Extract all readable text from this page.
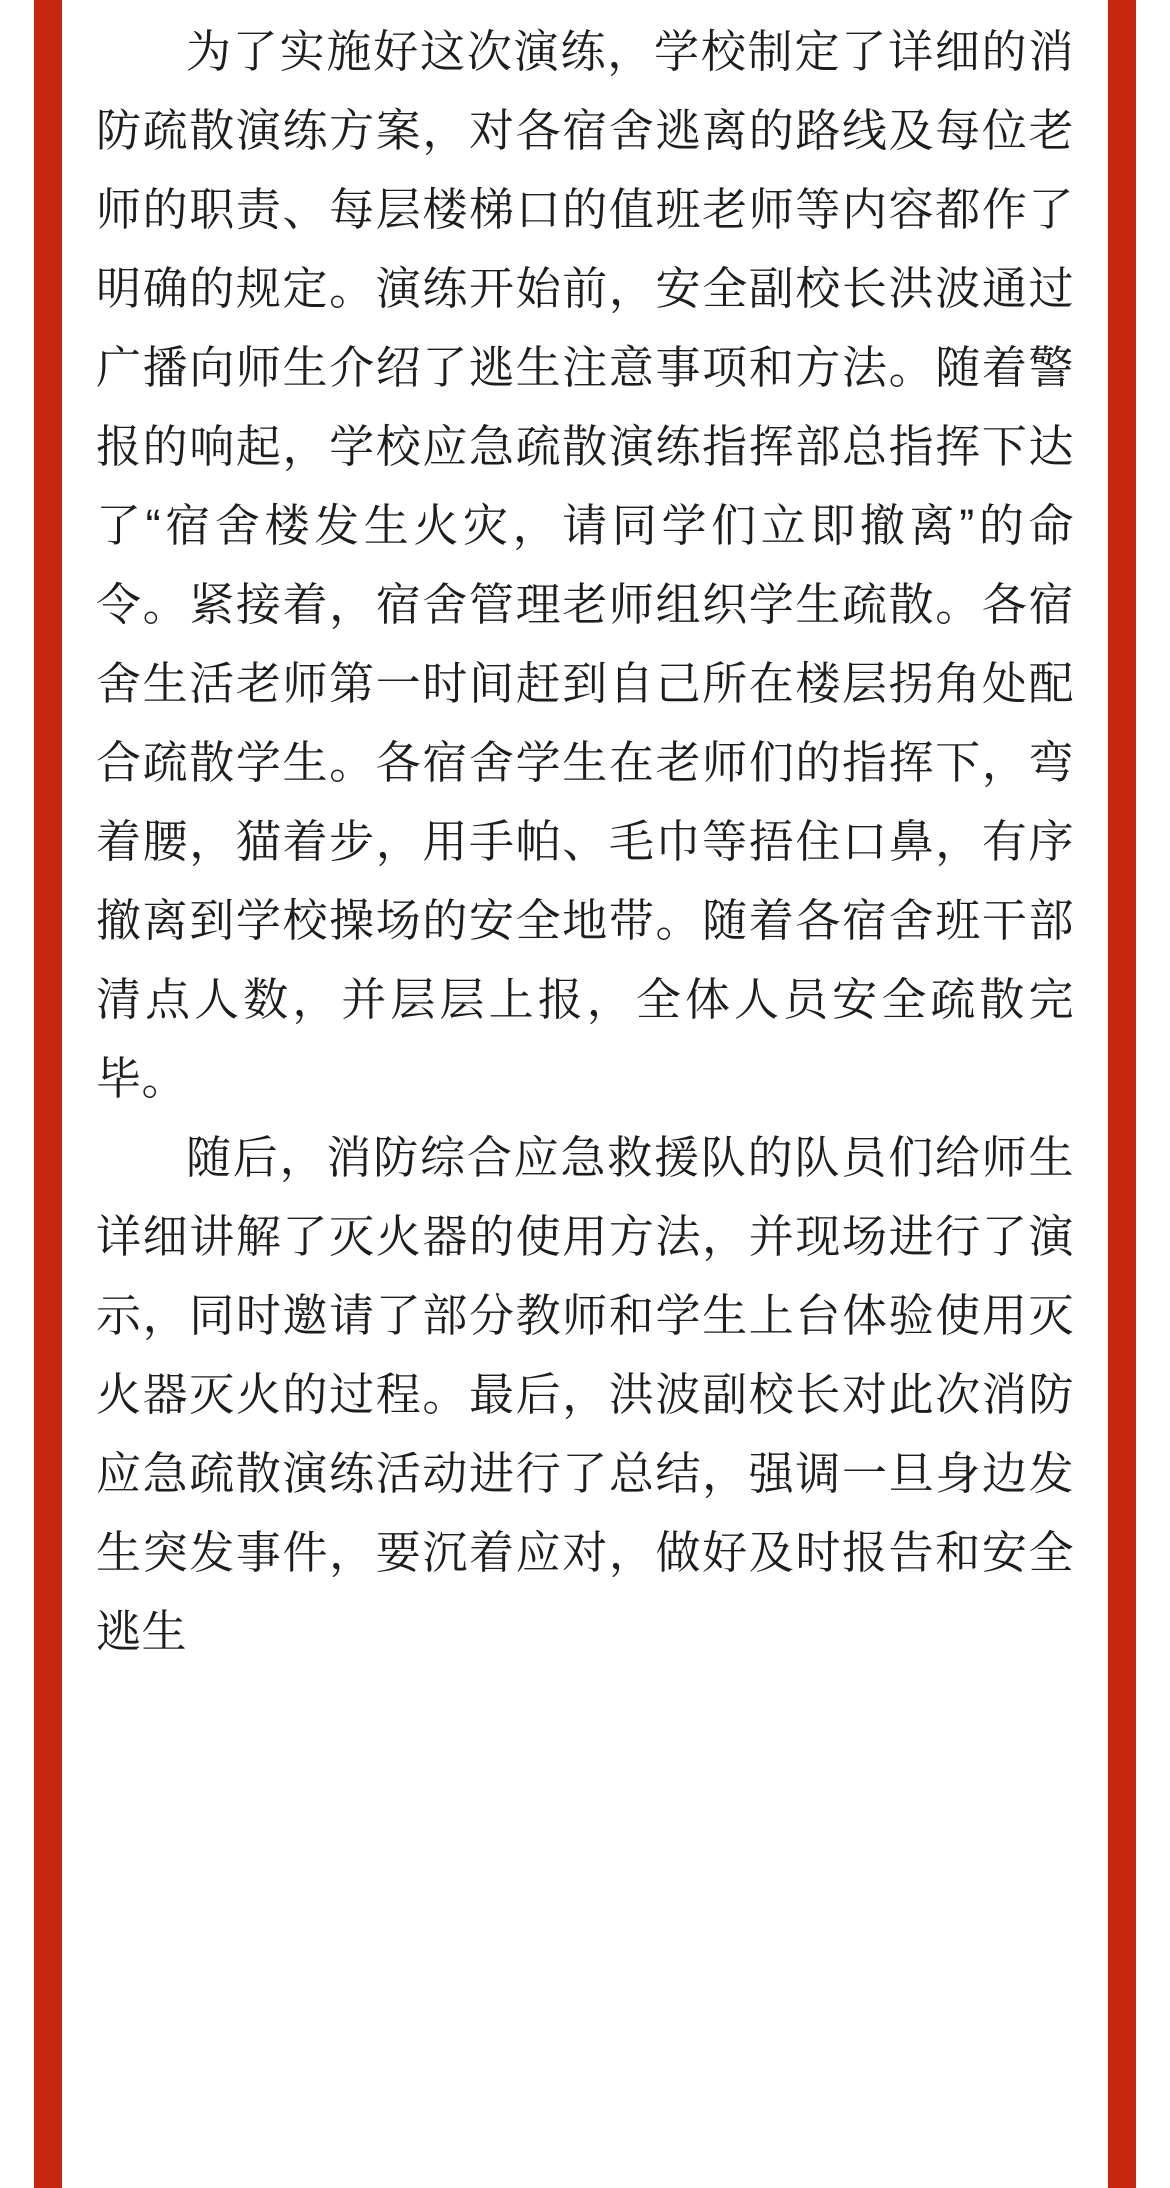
为了实施好这次演练，学校制定了详细的消防疏散演练方案，对各宿舍逃离的路线及每位老师的职责、每层楼梯口的值班老师等内容都作了明确的规定。演练开始前，安全副校长洪波通过广播向师生介绍了逃生注意事项和方法。随着警报的响起，学校应急疏散演练指挥部总指挥下达了“宿舍楼发生火灾，请同学们立即撤离”的命令。紧接着，宿舍管理老师组织学生疏散。各宿舍生活老师第一时间赶到自己所在楼层拐角处配合疏散学生。各宿舍学生在老师们的指挥下，弯着腰，猫着步，用手帕、毛巾等捂住口鼻，有序撤离到学校操场的安全地带。随着各宿舍班干部清点人数，并层层上报，全体人员安全疏散完毕。

随后，消防综合应急救援队的队员们给师生详细讲解了灭火器的使用方法，并现场进行了演示，同时邀请了部分教师和学生上台体验使用灭火器灭火的过程。最后，洪波副校长对此次消防应急疏散演练活动进行了总结，强调一旦身边发生突发事件，要沉着应对，做好及时报告和安全逃生
